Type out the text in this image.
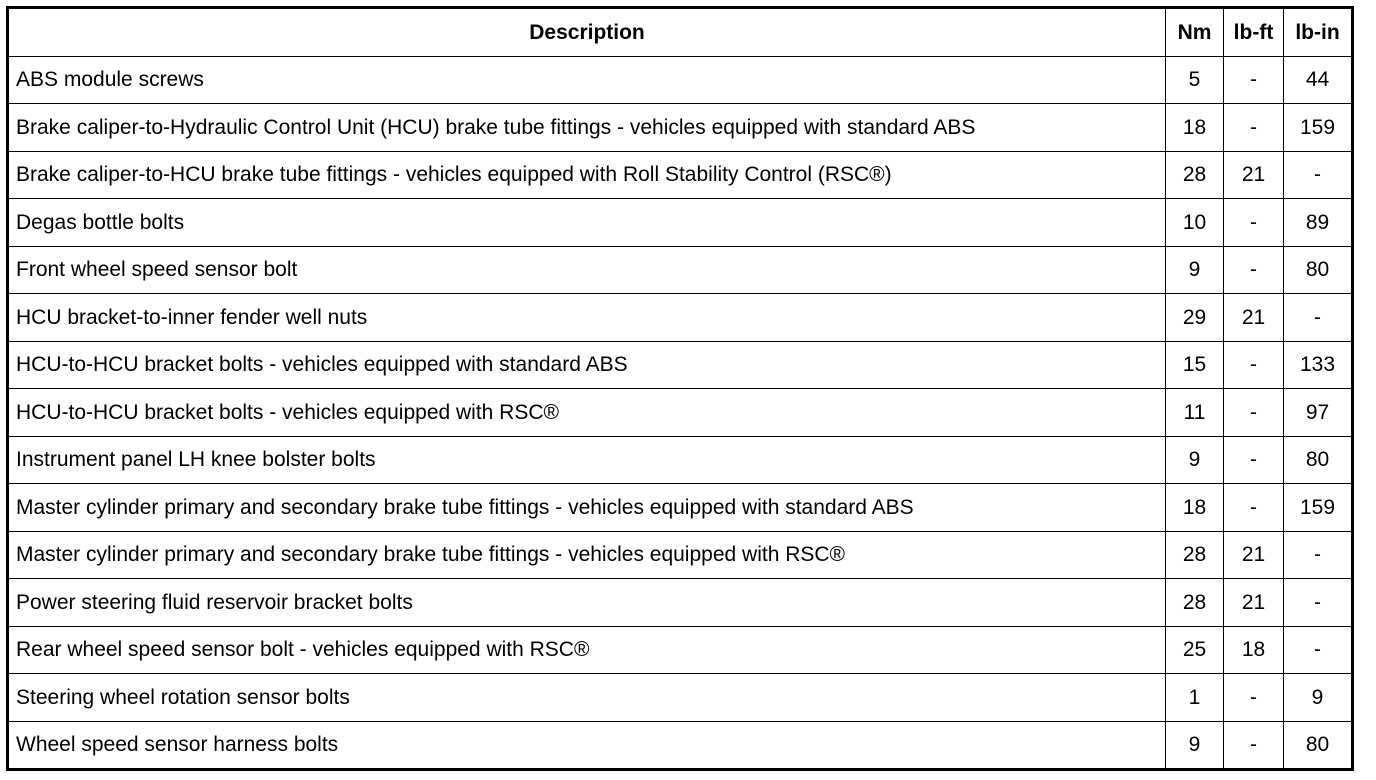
Description	Nm	lb-ft	lb-in
ABS module screws	5	-	44
Brake caliper-to-Hydraulic Control Unit (HCU) brake tube fittings - vehicles equipped with standard ABS	18	-	159
Brake caliper-to-HCU brake tube fittings - vehicles equipped with Roll Stability Control (RSC®)	28	21	-
Degas bottle bolts	10	-	89
Front wheel speed sensor bolt	9	-	80
HCU bracket-to-inner fender well nuts	29	21	-
HCU-to-HCU bracket bolts - vehicles equipped with standard ABS	15	-	133
HCU-to-HCU bracket bolts - vehicles equipped with RSC®	11	-	97
Instrument panel LH knee bolster bolts	9	-	80
Master cylinder primary and secondary brake tube fittings - vehicles equipped with standard ABS	18	-	159
Master cylinder primary and secondary brake tube fittings - vehicles equipped with RSC®	28	21	-
Power steering fluid reservoir bracket bolts	28	21	-
Rear wheel speed sensor bolt - vehicles equipped with RSC®	25	18	-
Steering wheel rotation sensor bolts	1	-	9
Wheel speed sensor harness bolts	9	-	80
